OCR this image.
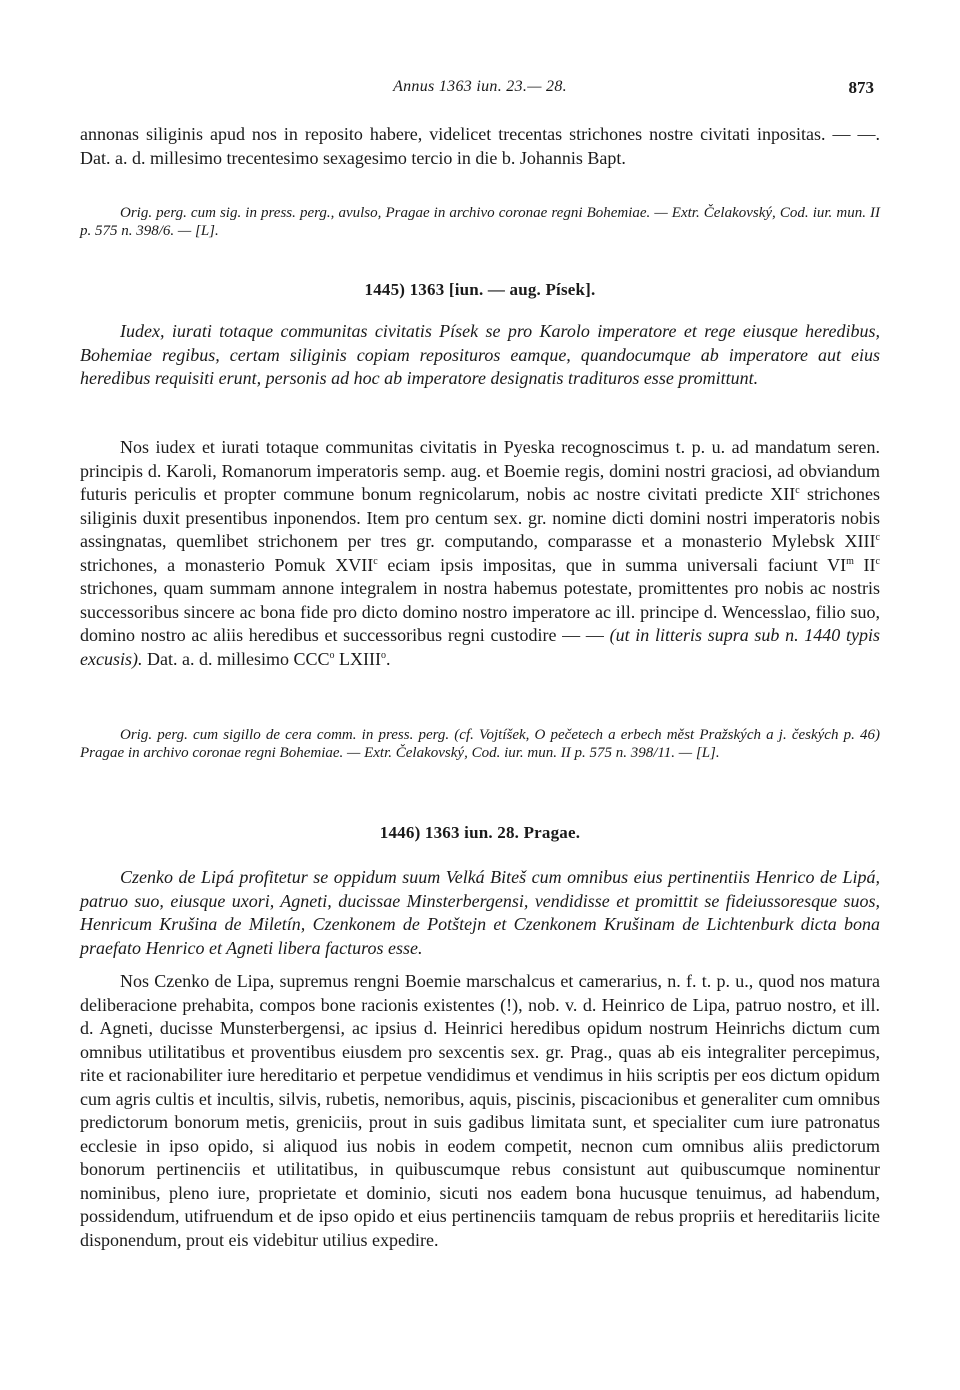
Annus 1363 iun. 23.— 28.	873

annonas siliginis apud nos in reposito habere, videlicet trecentas strichones nostre civitati inpositas. — —. Dat. a. d. millesimo trecentesimo sexagesimo tercio in die b. Johannis Bapt.

Orig. perg. cum sig. in press. perg., avulso, Pragae in archivo coronae regni Bohemiae. — Extr. Čelakovský, Cod. iur. mun. II p. 575 n. 398/6. — [L].

1445) 1363 [iun. — aug. Písek].

Iudex, iurati totaque communitas civitatis Písek se pro Karolo imperatore et rege eiusque heredibus, Bohemiae regibus, certam siliginis copiam reposituros eamque, quandocumque ab imperatore aut eius heredibus requisiti erunt, personis ad hoc ab imperatore designatis tradituros esse promittunt.

Nos iudex et iurati totaque communitas civitatis in Pyeska recognoscimus t. p. u. ad mandatum seren. principis d. Karoli, Romanorum imperatoris semp. aug. et Boemie regis, domini nostri graciosi, ad obviandum futuris periculis et propter commune bonum regnicolarum, nobis ac nostre civitati predicte XII$^c$ strichones siliginis duxit presentibus inponendos. Item pro centum sex. gr. nomine dicti domini nostri imperatoris nobis assingnatas, quemlibet strichonem per tres gr. computando, comparasse et a monasterio Mylebsk XIII$^c$ strichones, a monasterio Pomuk XVII$^c$ eciam ipsis impositas, que in summa universali faciunt $VI^m$ $II^c$ strichones, quam summam annone integralem in nostra habemus potestate, promittentes pro nobis ac nostris successoribus sincere ac bona fide pro dicto domino nostro imperatore ac ill. principe d. Wencesslao, filio suo, domino nostro ac aliis heredibus et successoribus regni custodire — — (ut in litteris supra sub n. 1440 typis excusis). Dat. a. d. millesimo CCC$^o$ LXIII$^o$.

Orig. perg. cum sigillo de cera comm. in press. perg. (cf. Vojtíšek, O pečetech a erbech měst Pražských a j. českých p. 46) Pragae in archivo coronae regni Bohemiae. — Extr. Čelakovský, Cod. iur. mun. II p. 575 n. 398/11. — [L].

1446) 1363 iun. 28. Pragae.

Czenko de Lipá profitetur se oppidum suum Velká Biteš cum omnibus eius pertinentiis Henrico de Lipá, patruo suo, eiusque uxori, Agneti, ducissae Minsterbergensi, vendidisse et promittit se fideiussoresque suos, Henricum Krušina de Miletín, Czenkonem de Potštejn et Czenkonem Krušinam de Lichtenburk dicta bona praefato Henrico et Agneti libera facturos esse.

Nos Czenko de Lipa, supremus rengni Boemie marschalcus et camerarius, n. f. t. p. u., quod nos matura deliberacione prehabita, compos bone racionis existentes (!), nob. v. d. Heinrico de Lipa, patruo nostro, et ill. d. Agneti, ducisse Munsterbergensi, ac ipsius d. Heinrici heredibus opidum nostrum Heinrichs dictum cum omnibus utilitatibus et proventibus eiusdem pro sexcentis sex. gr. Prag., quas ab eis integraliter percepimus, rite et racionabiliter iure hereditario et perpetue vendidimus et vendimus in hiis scriptis per eos dictum opidum cum agris cultis et incultis, silvis, rubetis, nemoribus, aquis, piscinis, piscacionibus et generaliter cum omnibus predictorum bonorum metis, greniciis, prout in suis gadibus limitata sunt, et specialiter cum iure patronatus ecclesie in ipso opido, si aliquod ius nobis in eodem competit, necnon cum omnibus aliis predictorum bonorum pertinenciis et utilitatibus, in quibuscumque rebus consistunt aut quibuscumque nominentur nominibus, pleno iure, proprietate et dominio, sicuti nos eadem bona hucusque tenuimus, ad habendum, possidendum, utifruendum et de ipso opido et eius pertinenciis tamquam de rebus propriis et hereditariis licite disponendum, prout eis videbitur utilius expedire.
